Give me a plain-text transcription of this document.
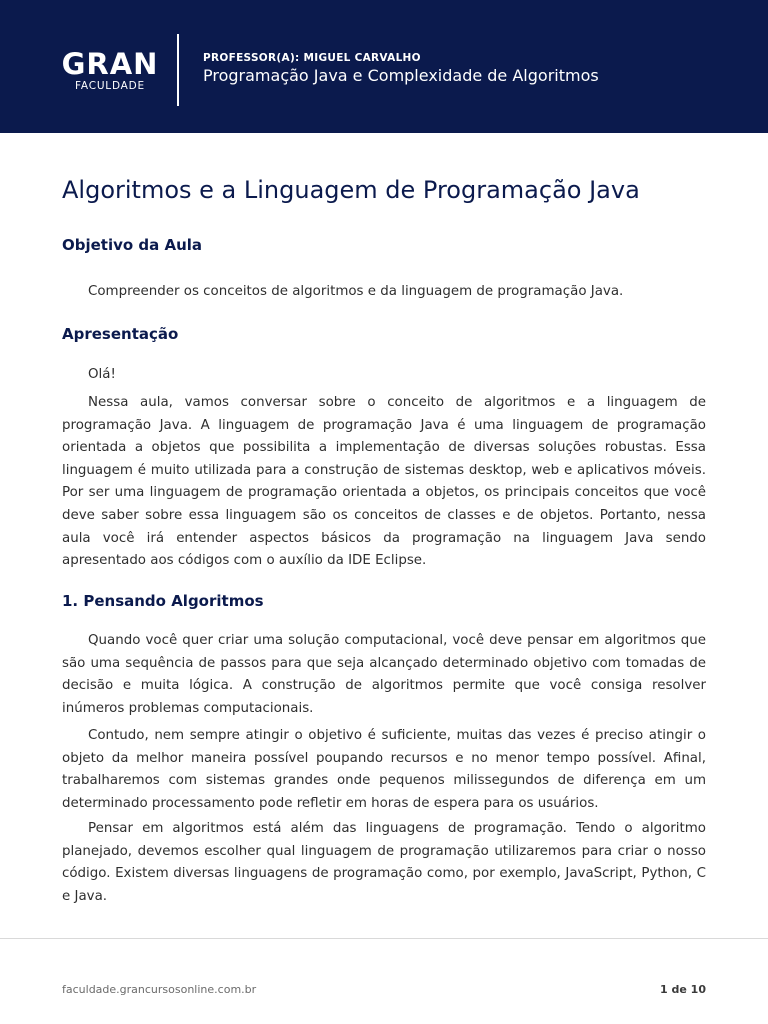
GRAN
FACULDADE
PROFESSOR(A): MIGUEL CARVALHO
Programação Java e Complexidade de Algoritmos
Algoritmos e a Linguagem de Programação Java
Objetivo da Aula

Compreender os conceitos de algoritmos e da linguagem de programação Java.

Apresentação

Olá!

Nessa aula, vamos conversar sobre o conceito de algoritmos e a linguagem de programação Java. A linguagem de programação Java é uma linguagem de programação orientada a objetos que possibilita a implementação de diversas soluções robustas. Essa linguagem é muito utilizada para a construção de sistemas desktop, web e aplicativos móveis. Por ser uma linguagem de programação orientada a objetos, os principais conceitos que você deve saber sobre essa linguagem são os conceitos de classes e de objetos. Portanto, nessa aula você irá entender aspectos básicos da programação na linguagem Java sendo apresentado aos códigos com o auxílio da IDE Eclipse.

1. Pensando Algoritmos

Quando você quer criar uma solução computacional, você deve pensar em algoritmos que são uma sequência de passos para que seja alcançado determinado objetivo com tomadas de decisão e muita lógica. A construção de algoritmos permite que você consiga resolver inúmeros problemas computacionais.

Contudo, nem sempre atingir o objetivo é suficiente, muitas das vezes é preciso atingir o objeto da melhor maneira possível poupando recursos e no menor tempo possível. Afinal, trabalharemos com sistemas grandes onde pequenos milissegundos de diferença em um determinado processamento pode refletir em horas de espera para os usuários.

Pensar em algoritmos está além das linguagens de programação. Tendo o algoritmo planejado, devemos escolher qual linguagem de programação utilizaremos para criar o nosso código. Existem diversas linguagens de programação como, por exemplo, JavaScript, Python, C e Java.

faculdade.grancursosonline.com.br	1 de 10
